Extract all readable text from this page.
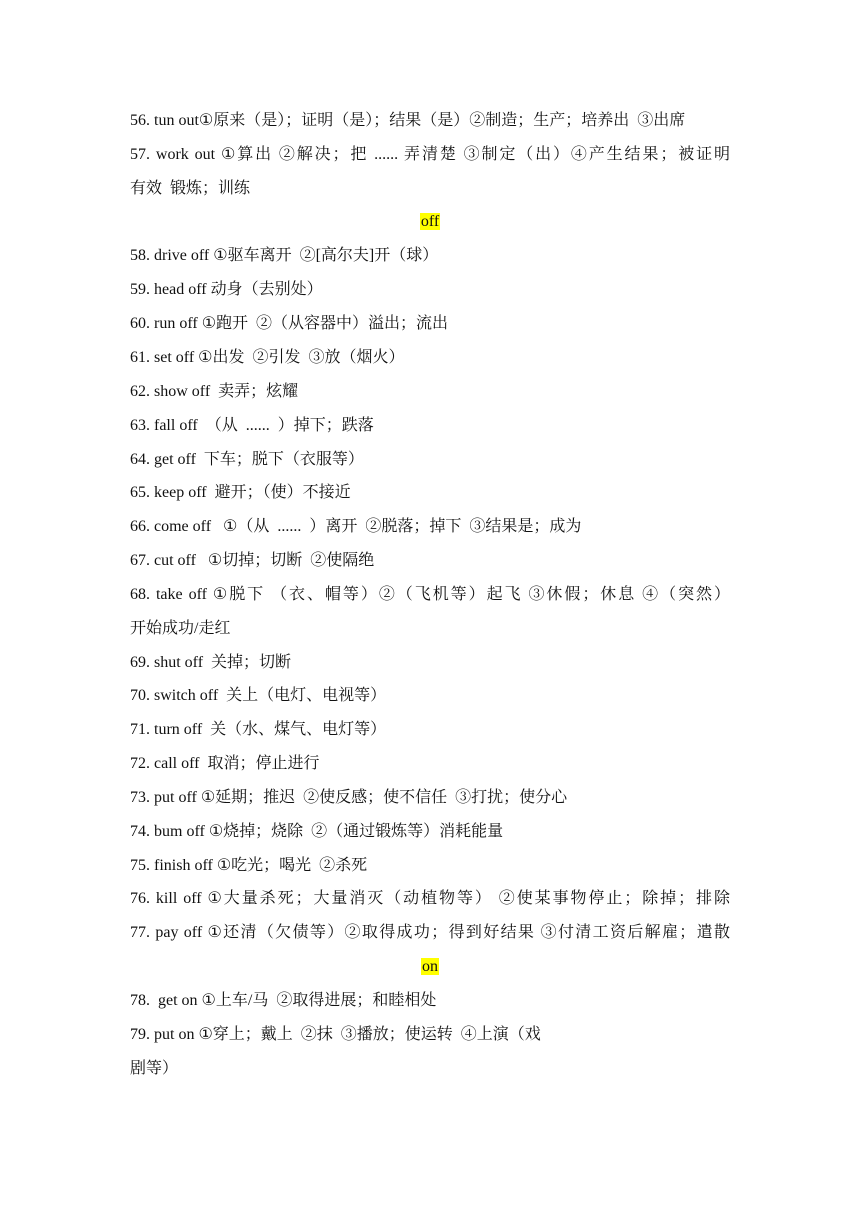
56. tun out①原来（是）；证明（是）；结果（是）②制造；生产；培养出  ③出席
57. work out ①算出 ②解决；把 ...... 弄清楚 ③制定（出）④产生结果；被证明
有效  锻炼；训练
off
58. drive off ①驱车离开  ②[高尔夫]开（球）
59. head off 动身（去别处）
60. run off ①跑开  ②（从容器中）溢出；流出
61. set off ①出发  ②引发  ③放（烟火）
62. show off  卖弄；炫耀
63. fall off  （从  ......  ）掉下；跌落
64. get off  下车；脱下（衣服等）
65. keep off  避开；（使）不接近
66. come off   ①（从  ......  ）离开  ②脱落；掉下  ③结果是；成为
67. cut off   ①切掉；切断  ②使隔绝
68. take off ①脱下 （衣、帽等）②（飞机等）起飞 ③休假；休息 ④（突然）
开始成功/走红
69. shut off  关掉；切断
70. switch off  关上（电灯、电视等）
71. turn off  关（水、煤气、电灯等）
72. call off  取消；停止进行
73. put off ①延期；推迟  ②使反感；使不信任  ③打扰；使分心
74. bum off ①烧掉；烧除  ②（通过锻炼等）消耗能量
75. finish off ①吃光；喝光  ②杀死
76. kill off ①大量杀死；大量消灭（动植物等） ②使某事物停止；除掉；排除
77. pay off ①还清（欠债等）②取得成功；得到好结果 ③付清工资后解雇；遣散
on
78.  get on ①上车/马  ②取得进展；和睦相处
79. put on ①穿上；戴上  ②抹  ③播放；使运转  ④上演（戏
剧等）
